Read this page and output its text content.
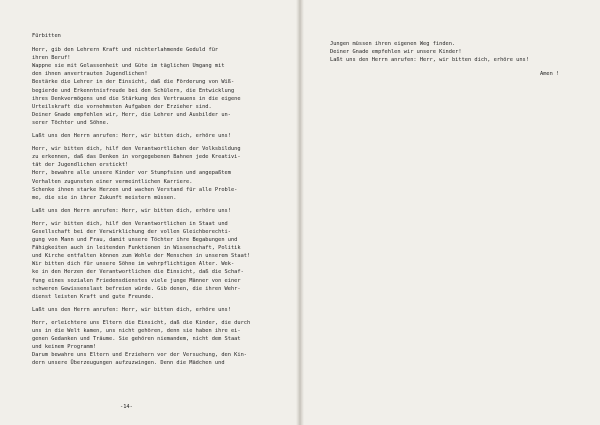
Fürbitten
Herr, gib den Lehrern Kraft und nichterlahmende Geduld für
ihren Beruf!
Wappne sie mit Gelassenheit und Güte im täglichen Umgang mit
den ihnen anvertrauten Jugendlichen!
Bestärke die Lehrer in der Einsicht, daß die Förderung von Wiß-
begierde und Erkenntnisfreude bei den Schülern, die Entwicklung
ihres Denkvermögens und die Stärkung des Vertrauens in die eigene
Urteilskraft die vornehmsten Aufgaben der Erzieher sind.
Deiner Gnade empfehlen wir, Herr, die Lehrer und Ausbilder un-
serer Töchter und Söhne.
Laßt uns den Herrn anrufen: Herr, wir bitten dich, erhöre uns!
Herr, wir bitten dich, hilf den Verantwortlichen der Volksbildung
zu erkennen, daß das Denken in vorgegebenen Bahnen jede Kreativi-
tät der Jugendlichen erstickt!
Herr, bewahre alle unsere Kinder vor Stumpfsinn und angepaßtem
Verhalten zugunsten einer vermeintlichen Karriere.
Schenke ihnen starke Herzen und wachen Verstand für alle Proble-
me, die sie in ihrer Zukunft meistern müssen.
Laßt uns den Herrn anrufen: Herr, wir bitten dich, erhöre uns!
Herr, wir bitten dich, hilf den Verantwortlichen in Staat und
Gesellschaft bei der Verwirklichung der vollen Gleichberechti-
gung von Mann und Frau, damit unsere Töchter ihre Begabungen und
Fähigkeiten auch in leitenden Funktionen in Wissenschaft, Politik
und Kirche entfalten können zum Wohle der Menschen in unserem Staat!
Wir bitten dich für unsere Söhne im wehrpflichtigen Alter. Wek-
ke in den Herzen der Verantwortlichen die Einsicht, daß die Schaf-
fung eines sozialen Friedensdienstes viele junge Männer von einer
schweren Gewissenslast befreien würde. Gib denen, die ihren Wehr-
dienst leisten Kraft und gute Freunde.
Laßt uns den Herrn anrufen: Herr, wir bitten dich, erhöre uns!
Herr, erleichtere uns Eltern die Einsicht, daß die Kinder, die durch
uns in die Welt kamen, uns nicht gehören, denn sie haben ihre ei-
genen Gedanken und Träume. Sie gehören niemandem, nicht dem Staat
und keinem Programm!
Darum bewahre uns Eltern und Erziehern vor der Versuchung, den Kin-
dern unsere Überzeugungen aufzuzwingen. Denn die Mädchen und
-14-
Jungen müssen ihren eigenen Weg finden.
Deiner Gnade empfehlen wir unsere Kinder!
Laßt uns den Herrn anrufen: Herr, wir bitten dich, erhöre uns!
Amen !
